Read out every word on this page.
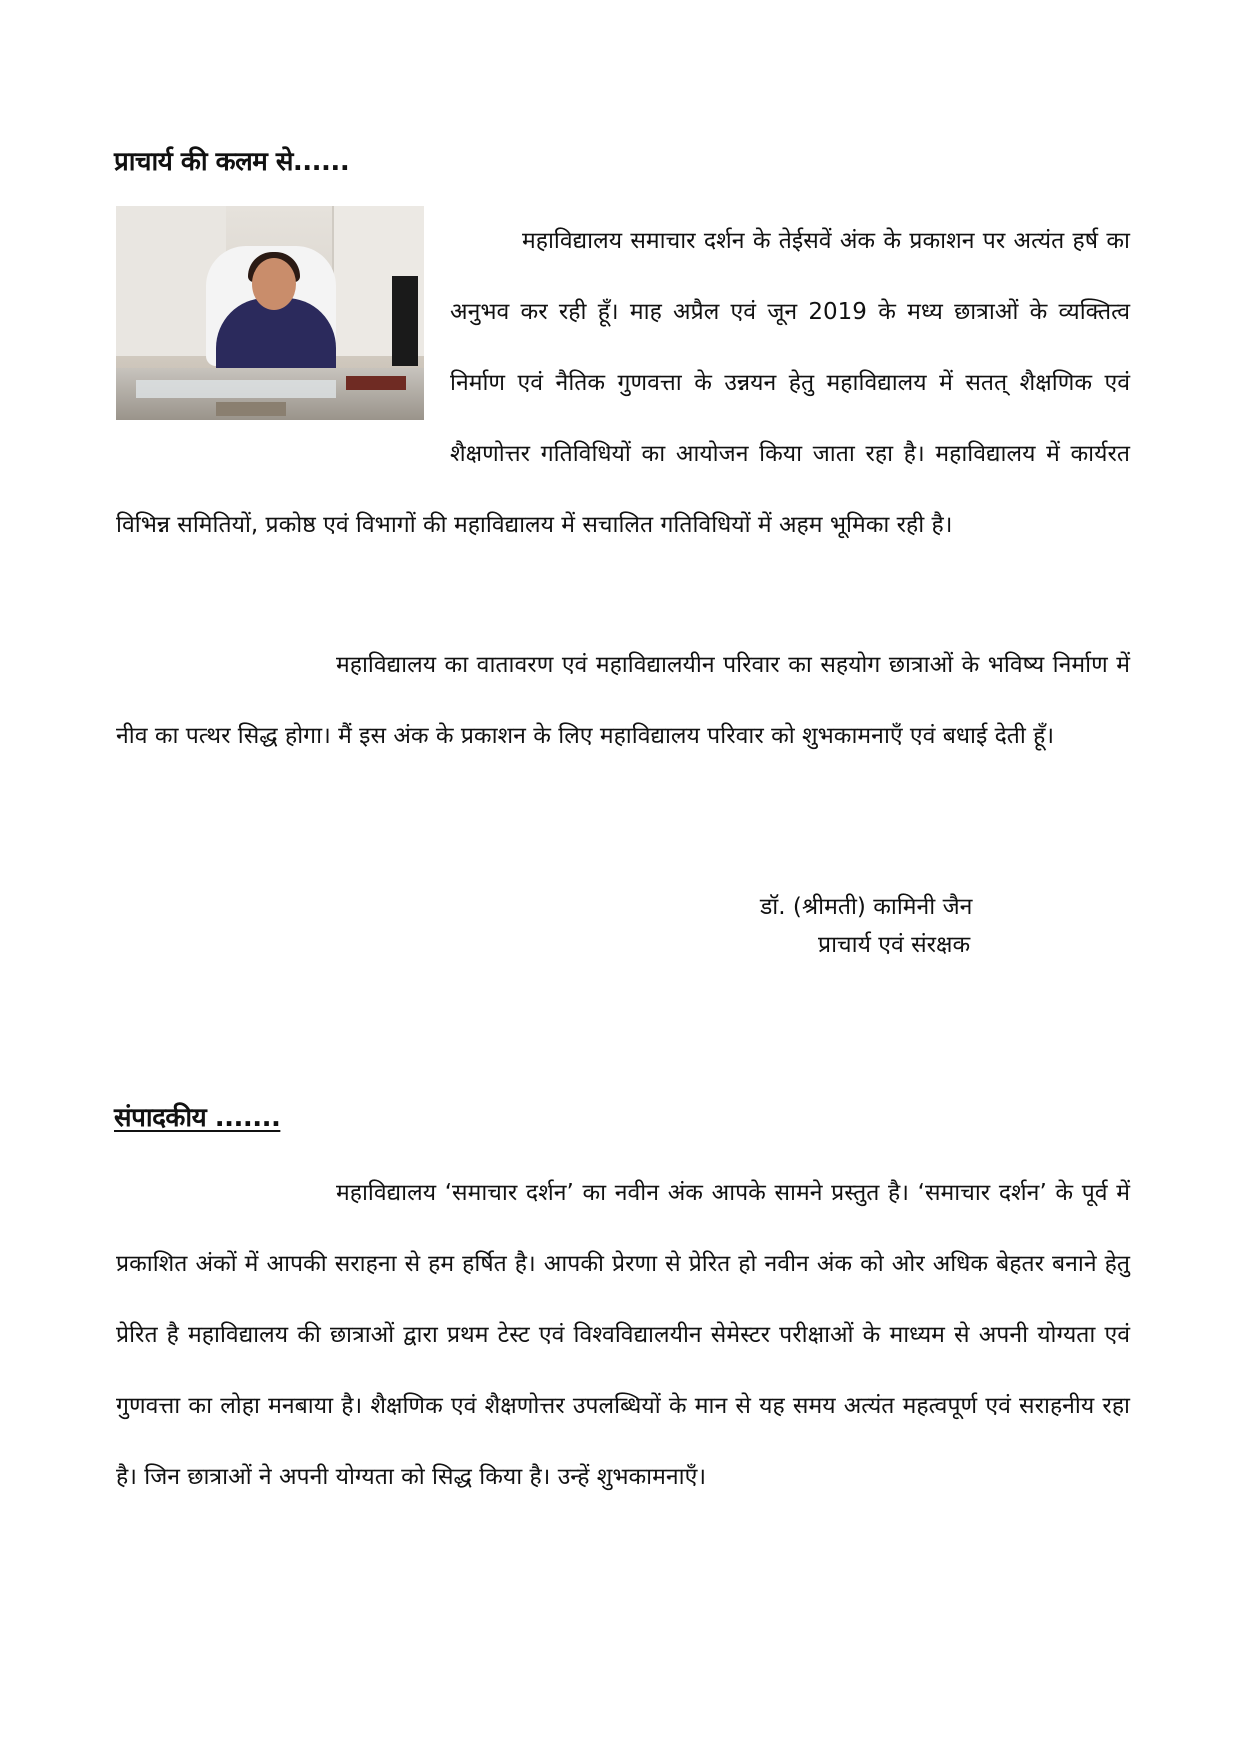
प्राचार्य की कलम से......

महाविद्यालय समाचार दर्शन के तेईसवें अंक के प्रकाशन पर अत्यंत हर्ष का अनुभव कर रही हूँ। माह अप्रैल एवं जून 2019 के मध्य छात्राओं के व्यक्तित्व निर्माण एवं नैतिक गुणवत्ता के उन्नयन हेतु महाविद्यालय में सतत् शैक्षणिक एवं शैक्षणोत्तर गतिविधियों का आयोजन किया जाता रहा है। महाविद्यालय में कार्यरत विभिन्न समितियों, प्रकोष्ठ एवं विभागों की महाविद्यालय में सचालित गतिविधियों में अहम भूमिका रही है।

महाविद्यालय का वातावरण एवं महाविद्यालयीन परिवार का सहयोग छात्राओं के भविष्य निर्माण में नीव का पत्थर सिद्ध होगा। मैं इस अंक के प्रकाशन के लिए महाविद्यालय परिवार को शुभकामनाएँ एवं बधाई देती हूँ।

डॉ. (श्रीमती) कामिनी जैन
प्राचार्य एवं संरक्षक

संपादकीय .......

महाविद्यालय ‘समाचार दर्शन’ का नवीन अंक आपके सामने प्रस्तुत है। ‘समाचार दर्शन’ के पूर्व में प्रकाशित अंकों में आपकी सराहना से हम हर्षित है। आपकी प्रेरणा से प्रेरित हो नवीन अंक को ओर अधिक बेहतर बनाने हेतु प्रेरित है महाविद्यालय की छात्राओं द्वारा प्रथम टेस्ट एवं विश्वविद्यालयीन सेमेस्टर परीक्षाओं के माध्यम से अपनी योग्यता एवं गुणवत्ता का लोहा मनबाया है। शैक्षणिक एवं शैक्षणोत्तर उपलब्धियों के मान से यह समय अत्यंत महत्वपूर्ण एवं सराहनीय रहा है। जिन छात्राओं ने अपनी योग्यता को सिद्ध किया है। उन्हें शुभकामनाएँ।
